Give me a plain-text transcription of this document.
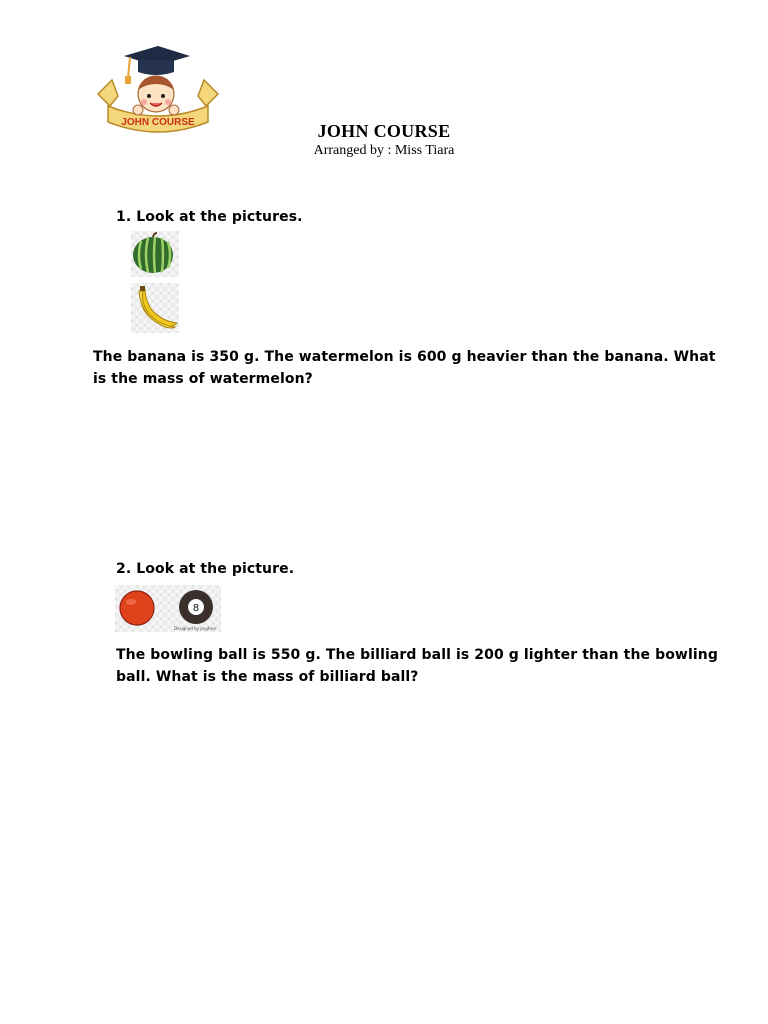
JOHN COURSE	JOHN COURSE
Arranged by : Miss Tiara
1. Look at the pictures.
The banana is 350 g. The watermelon is 600 g heavier than the banana. What is the mass of watermelon?
2. Look at the picture.
8
Designed by pngtree
The bowling ball is 550 g. The billiard ball is 200 g lighter than the bowling ball. What is the mass of billiard ball?
